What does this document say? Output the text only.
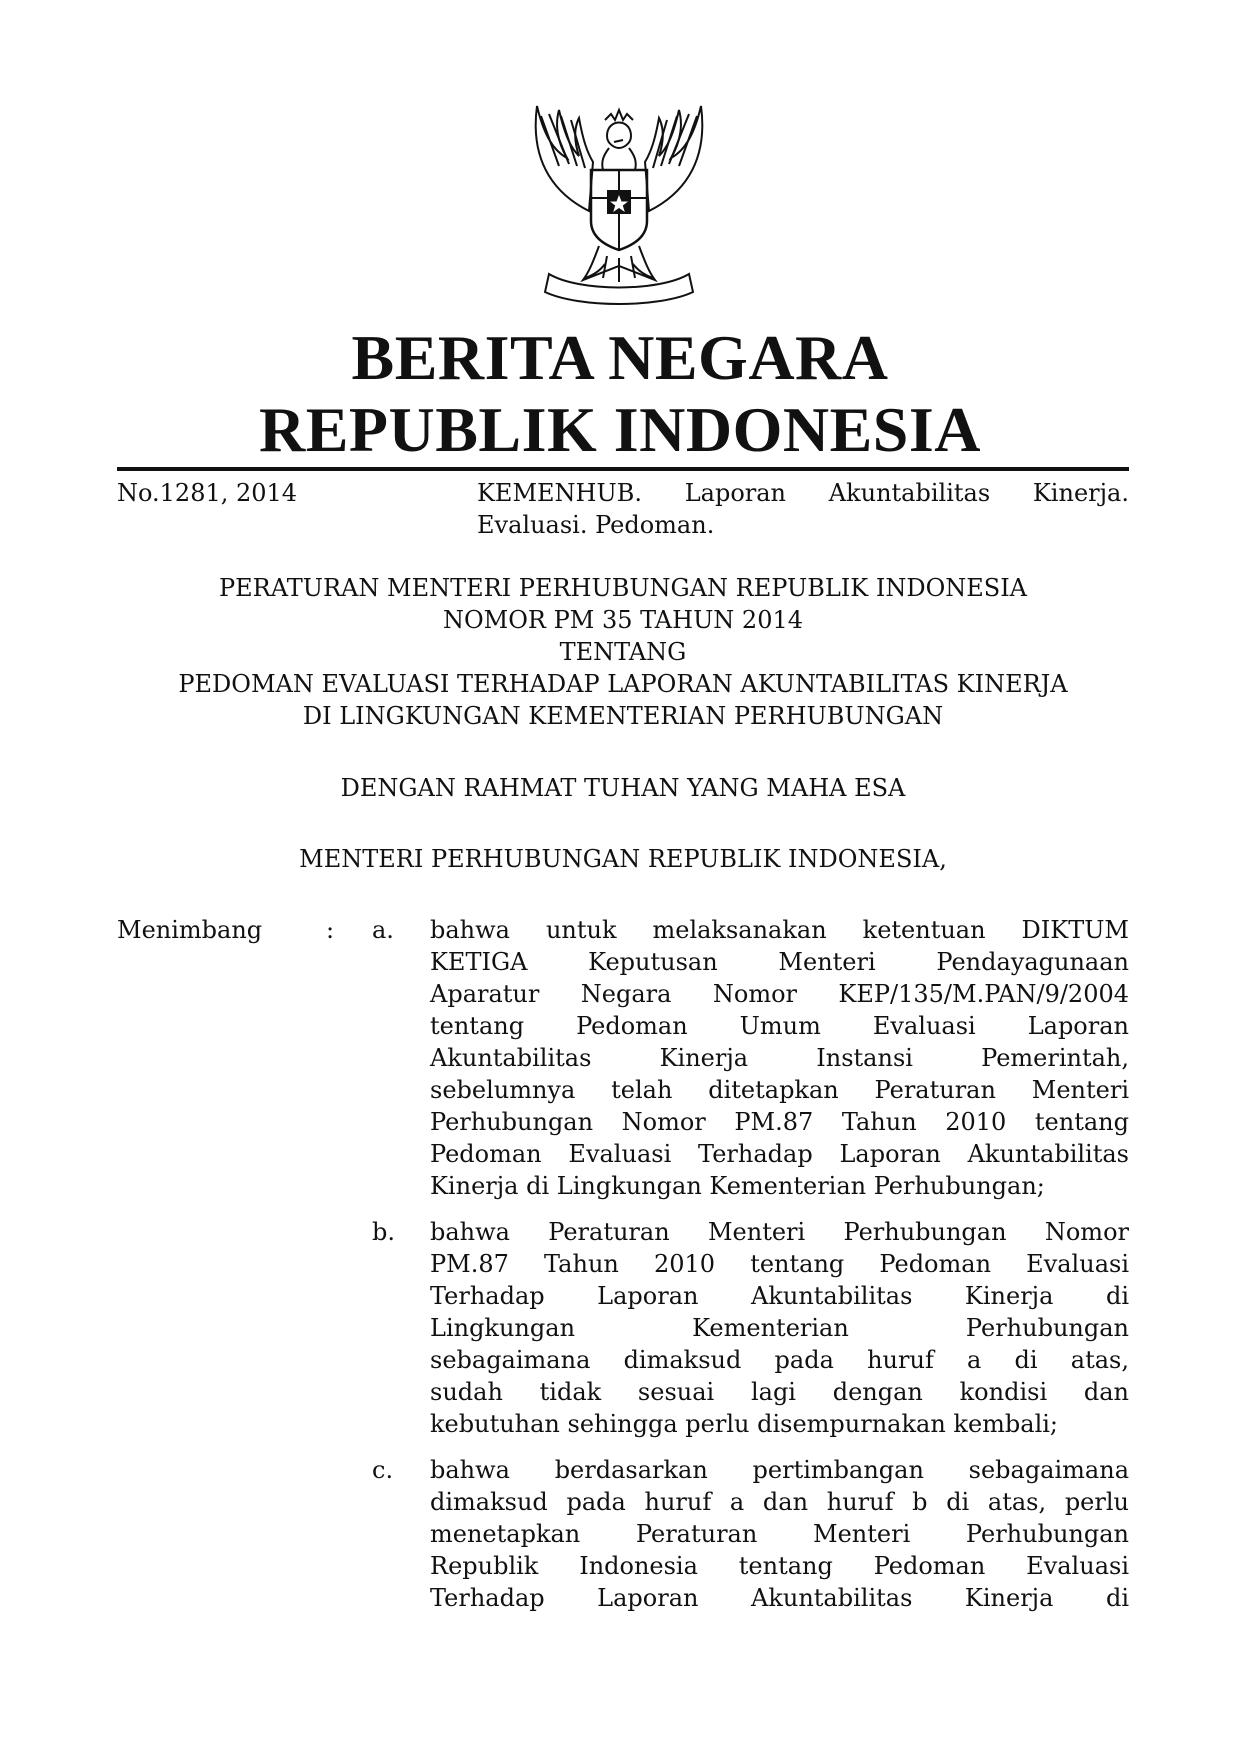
BERITA NEGARA
REPUBLIK INDONESIA
No.1281, 2014	KEMENHUB. Laporan Akuntabilitas Kinerja.
Evaluasi. Pedoman.
PERATURAN MENTERI PERHUBUNGAN REPUBLIK INDONESIA
NOMOR PM 35 TAHUN 2014
TENTANG
PEDOMAN EVALUASI TERHADAP LAPORAN AKUNTABILITAS KINERJA
DI LINGKUNGAN KEMENTERIAN PERHUBUNGAN
DENGAN RAHMAT TUHAN YANG MAHA ESA
MENTERI PERHUBUNGAN REPUBLIK INDONESIA,
Menimbang	: a. bahwa untuk melaksanakan ketentuan DIKTUM
KETIGA Keputusan Menteri Pendayagunaan
Aparatur Negara Nomor KEP/135/M.PAN/9/2004
tentang Pedoman Umum Evaluasi Laporan
Akuntabilitas Kinerja Instansi Pemerintah,
sebelumnya telah ditetapkan Peraturan Menteri
Perhubungan Nomor PM.87 Tahun 2010 tentang
Pedoman Evaluasi Terhadap Laporan Akuntabilitas
Kinerja di Lingkungan Kementerian Perhubungan;
b. bahwa Peraturan Menteri Perhubungan Nomor
PM.87 Tahun 2010 tentang Pedoman Evaluasi
Terhadap Laporan Akuntabilitas Kinerja di
Lingkungan Kementerian Perhubungan
sebagaimana dimaksud pada huruf a di atas,
sudah tidak sesuai lagi dengan kondisi dan
kebutuhan sehingga perlu disempurnakan kembali;
c. bahwa berdasarkan pertimbangan sebagaimana
dimaksud pada huruf a dan huruf b di atas, perlu
menetapkan Peraturan Menteri Perhubungan
Republik Indonesia tentang Pedoman Evaluasi
Terhadap Laporan Akuntabilitas Kinerja di
